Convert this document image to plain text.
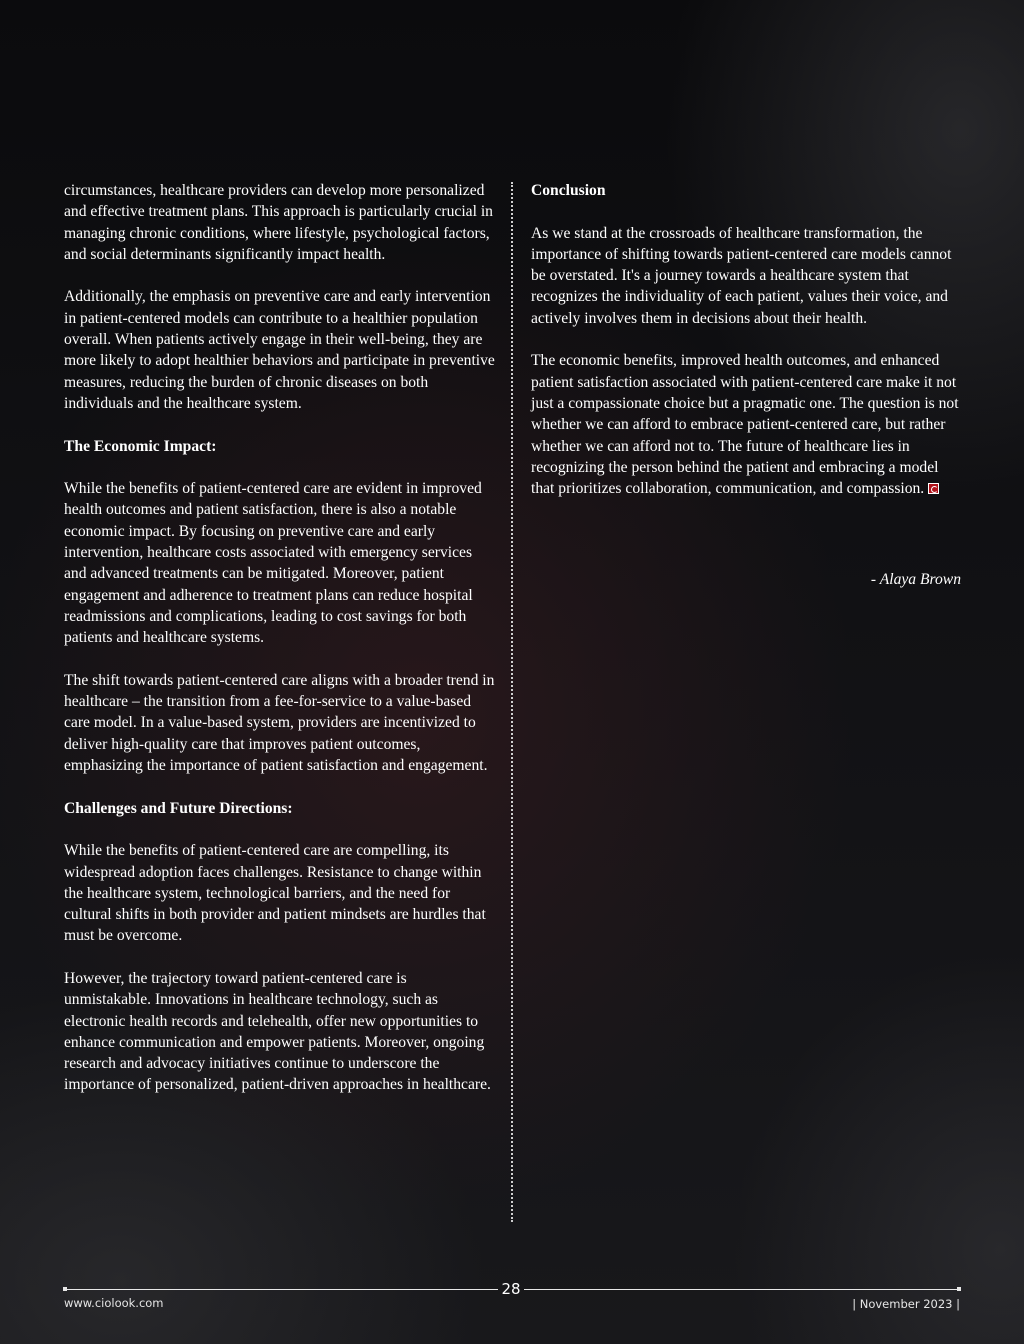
circumstances, healthcare providers can develop more personalized and effective treatment plans. This approach is particularly crucial in managing chronic conditions, where lifestyle, psychological factors, and social determinants significantly impact health.

Additionally, the emphasis on preventive care and early intervention in patient-centered models can contribute to a healthier population overall. When patients actively engage in their well-being, they are more likely to adopt healthier behaviors and participate in preventive measures, reducing the burden of chronic diseases on both individuals and the healthcare system.

The Economic Impact:

While the benefits of patient-centered care are evident in improved health outcomes and patient satisfaction, there is also a notable economic impact. By focusing on preventive care and early intervention, healthcare costs associated with emergency services and advanced treatments can be mitigated. Moreover, patient engagement and adherence to treatment plans can reduce hospital readmissions and complications, leading to cost savings for both patients and healthcare systems.

The shift towards patient-centered care aligns with a broader trend in healthcare – the transition from a fee-for-service to a value-based care model. In a value-based system, providers are incentivized to deliver high-quality care that improves patient outcomes, emphasizing the importance of patient satisfaction and engagement.

Challenges and Future Directions:

While the benefits of patient-centered care are compelling, its widespread adoption faces challenges. Resistance to change within the healthcare system, technological barriers, and the need for cultural shifts in both provider and patient mindsets are hurdles that must be overcome.

However, the trajectory toward patient-centered care is unmistakable. Innovations in healthcare technology, such as electronic health records and telehealth, offer new opportunities to enhance communication and empower patients. Moreover, ongoing research and advocacy initiatives continue to underscore the importance of personalized, patient-driven approaches in healthcare.

Conclusion

As we stand at the crossroads of healthcare transformation, the importance of shifting towards patient-centered care models cannot be overstated. It's a journey towards a healthcare system that recognizes the individuality of each patient, values their voice, and actively involves them in decisions about their health.

The economic benefits, improved health outcomes, and enhanced patient satisfaction associated with patient-centered care make it not just a compassionate choice but a pragmatic one. The question is not whether we can afford to embrace patient-centered care, but rather whether we can afford not to. The future of healthcare lies in recognizing the person behind the patient and embracing a model that prioritizes collaboration, communication, and compassion.

- Alaya Brown
28
www.ciolook.com	| November 2023 |
